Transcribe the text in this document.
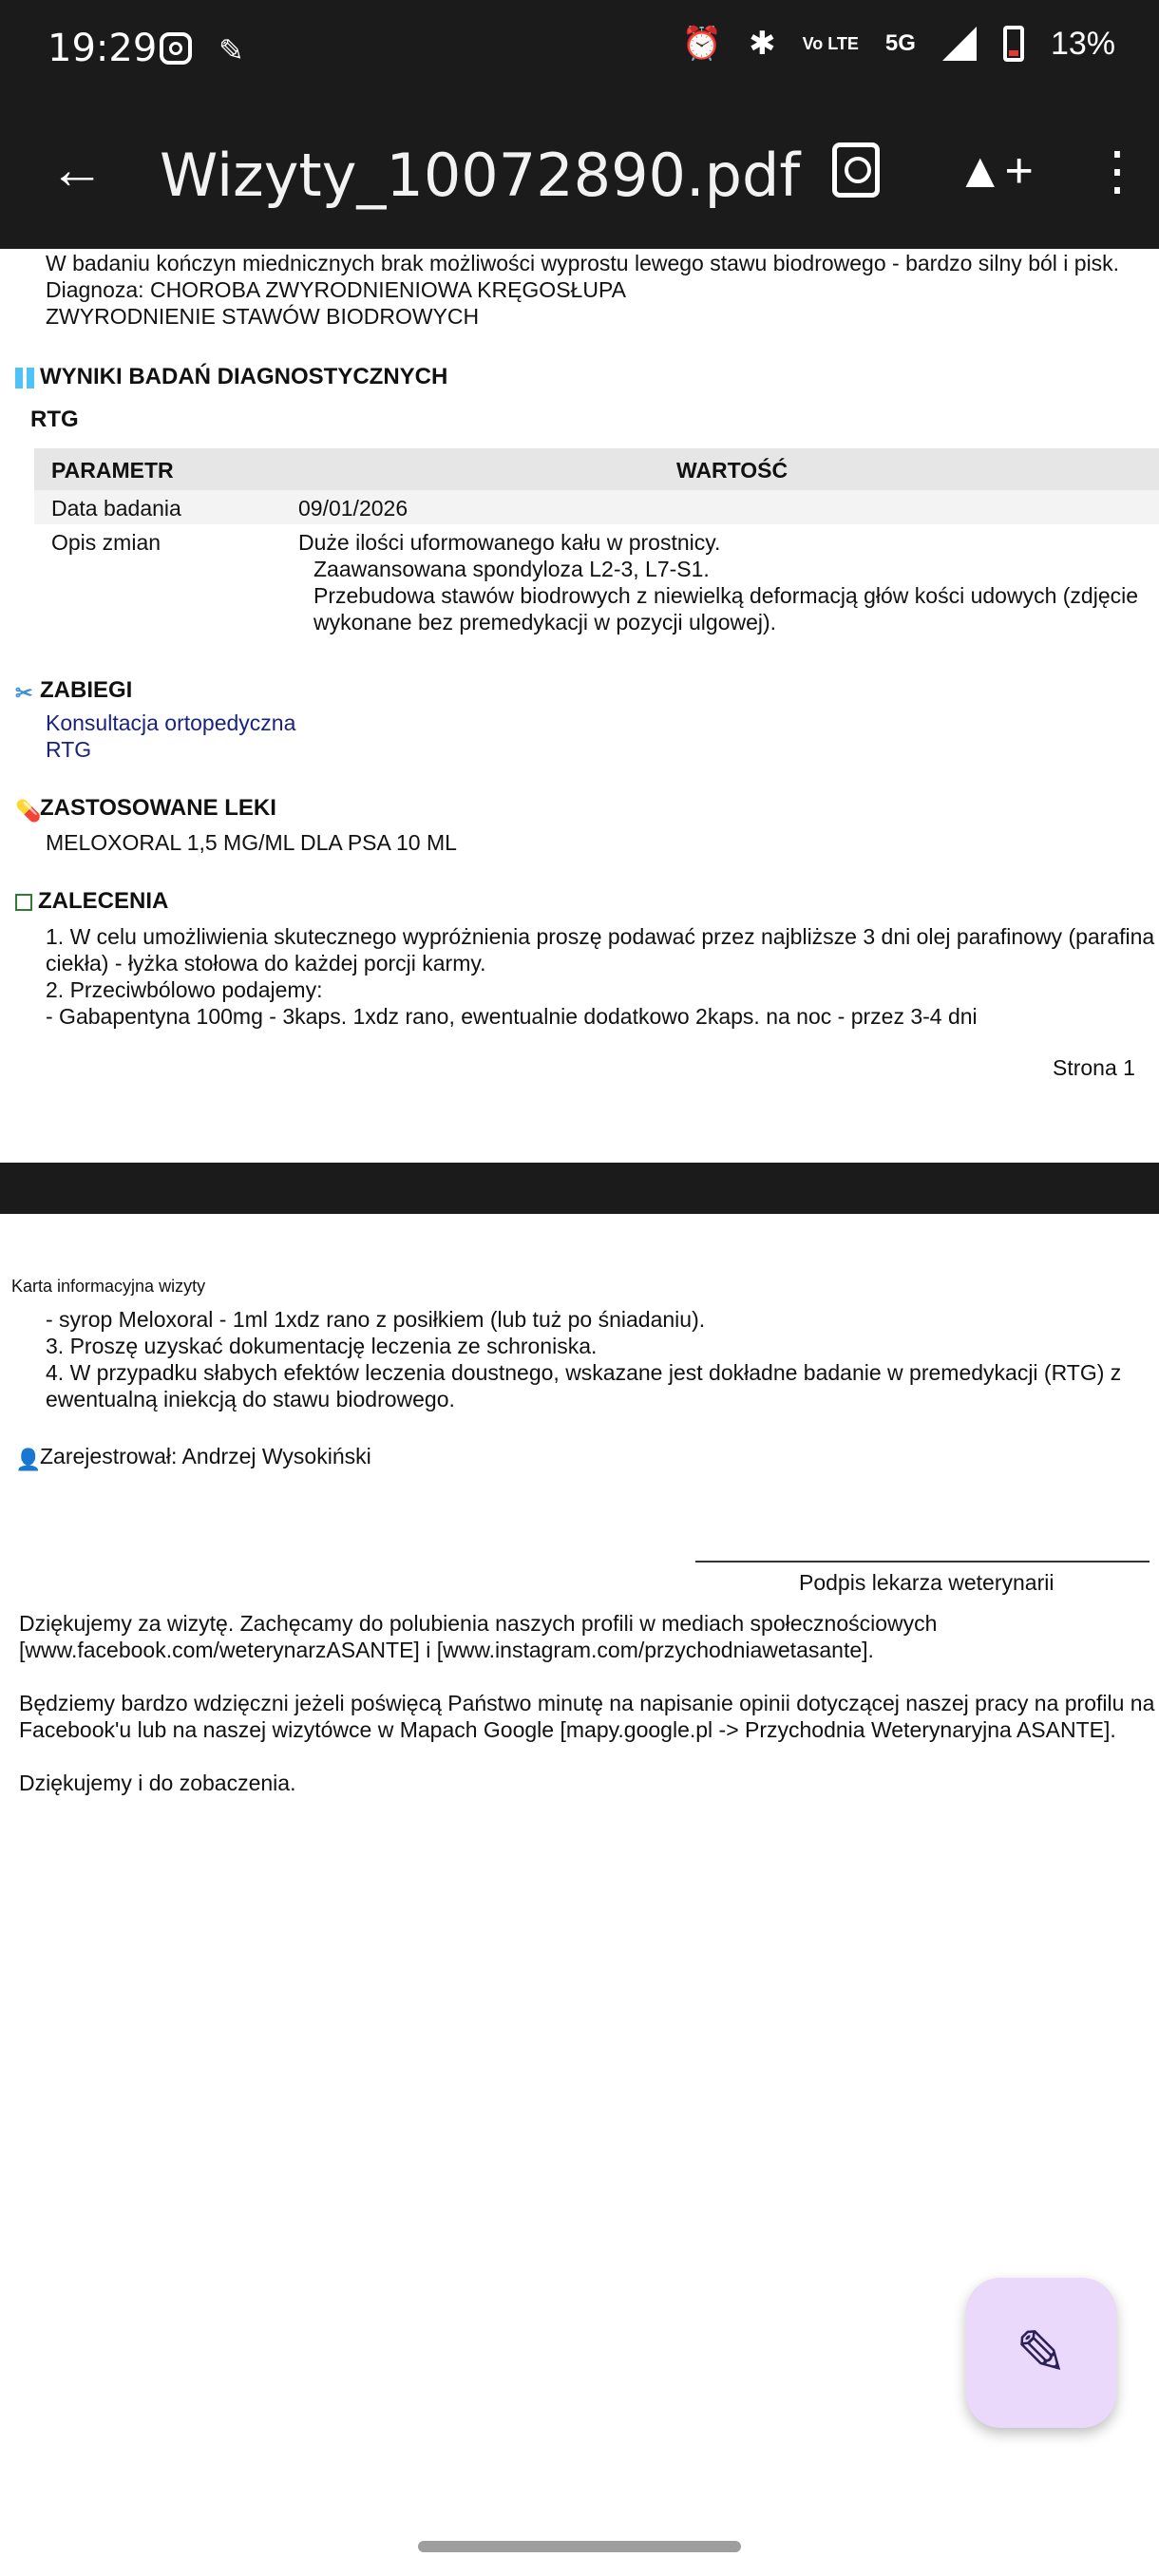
19:29 ✎	⏰ ✱ Vo LTE 5G	13%
← Wizyty_10072890.pdf	▲+ ⋮
W badaniu kończyn miednicznych brak możliwości wyprostu lewego stawu biodrowego - bardzo silny ból i pisk.
Diagnoza: CHOROBA ZWYRODNIENIOWA KRĘGOSŁUPA
ZWYRODNIENIE STAWÓW BIODROWYCH
WYNIKI BADAŃ DIAGNOSTYCZNYCH
RTG
PARAMETR	WARTOŚĆ
Data badania	09/01/2026
Opis zmian	Duże ilości uformowanego kału w prostnicy.
Zaawansowana spondyloza L2-3, L7-S1.
Przebudowa stawów biodrowych z niewielką deformacją głów kości udowych (zdjęcie
wykonane bez premedykacji w pozycji ulgowej).
✂ ZABIEGI
Konsultacja ortopedyczna
RTG
💊ZASTOSOWANE LEKI
MELOXORAL 1,5 MG/ML DLA PSA 10 ML
ZALECENIA
1. W celu umożliwienia skutecznego wypróżnienia proszę podawać przez najbliższe 3 dni olej parafinowy (parafina
ciekła) - łyżka stołowa do każdej porcji karmy.
2. Przeciwbólowo podajemy:
- Gabapentyna 100mg - 3kaps. 1xdz rano, ewentualnie dodatkowo 2kaps. na noc - przez 3-4 dni
Strona 1
Karta informacyjna wizyty
- syrop Meloxoral - 1ml 1xdz rano z posiłkiem (lub tuż po śniadaniu).
3. Proszę uzyskać dokumentację leczenia ze schroniska.
4. W przypadku słabych efektów leczenia doustnego, wskazane jest dokładne badanie w premedykacji (RTG) z
ewentualną iniekcją do stawu biodrowego.
👤Zarejestrował: Andrzej Wysokiński
Podpis lekarza weterynarii
Dziękujemy za wizytę. Zachęcamy do polubienia naszych profili w mediach społecznościowych
[www.facebook.com/weterynarzASANTE] i [www.instagram.com/przychodniawetasante].
Będziemy bardzo wdzięczni jeżeli poświęcą Państwo minutę na napisanie opinii dotyczącej naszej pracy na profilu na
Facebook'u lub na naszej wizytówce w Mapach Google [mapy.google.pl -> Przychodnia Weterynaryjna ASANTE].
Dziękujemy i do zobaczenia.
✎
